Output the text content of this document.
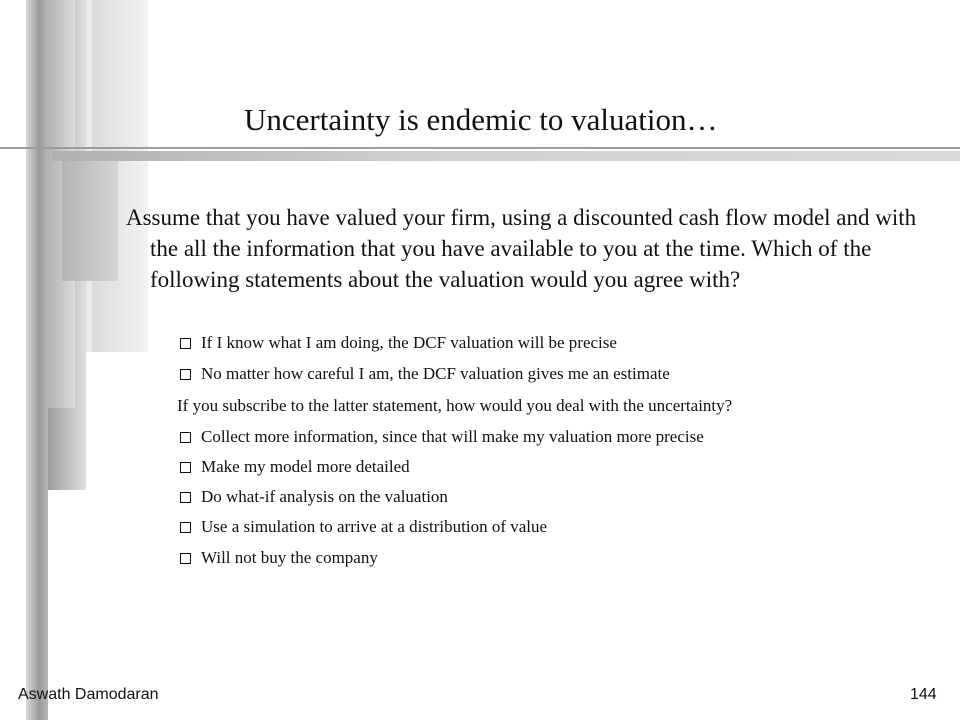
Uncertainty is endemic to valuation…

Assume that you have valued your firm, using a discounted cash flow model and with the all the information that you have available to you at the time. Which of the following statements about the valuation would you agree with?

If I know what I am doing, the DCF valuation will be precise
No matter how careful I am, the DCF valuation gives me an estimate
If you subscribe to the latter statement, how would you deal with the uncertainty?
Collect more information, since that will make my valuation more precise
Make my model more detailed
Do what-if analysis on the valuation
Use a simulation to arrive at a distribution of value
Will not buy the company
Aswath Damodaran	144
